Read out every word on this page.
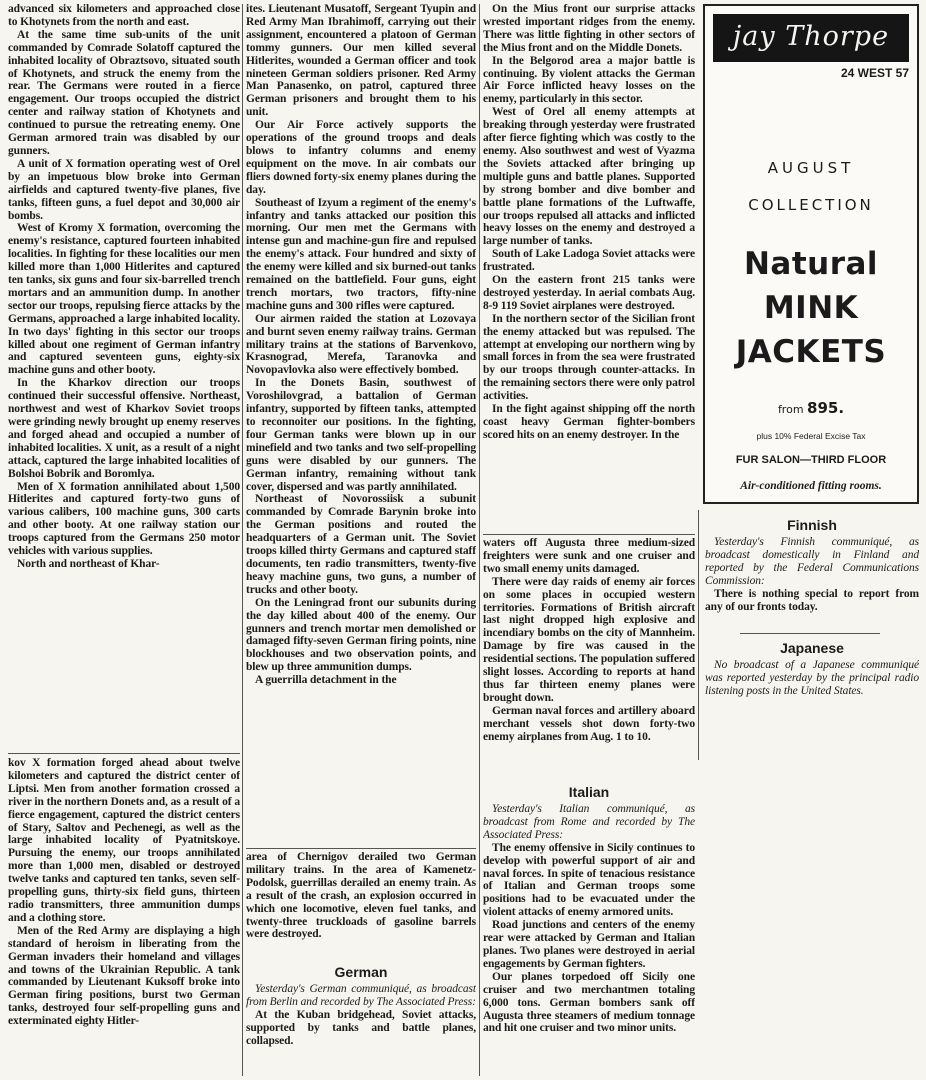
advanced six kilometers and approached close to Khotynets from the north and east.

At the same time sub-units of the unit commanded by Comrade Solatoff captured the inhabited locality of Obraztsovo, situated south of Khotynets, and struck the enemy from the rear. The Germans were routed in a fierce engagement. Our troops occupied the district center and railway station of Khotynets and continued to pursue the retreating enemy. One German armored train was disabled by our gunners.

A unit of X formation operating west of Orel by an impetuous blow broke into German airfields and captured twenty-five planes, five tanks, fifteen guns, a fuel depot and 30,000 air bombs.

West of Kromy X formation, overcoming the enemy's resistance, captured fourteen inhabited localities. In fighting for these localities our men killed more than 1,000 Hitlerites and captured ten tanks, six guns and four six-barrelled trench mortars and an ammunition dump. In another sector our troops, repulsing fierce attacks by the Germans, approached a large inhabited locality. In two days' fighting in this sector our troops killed about one regiment of German infantry and captured seventeen guns, eighty-six machine guns and other booty.

In the Kharkov direction our troops continued their successful offensive. Northeast, northwest and west of Kharkov Soviet troops were grinding newly brought up enemy reserves and forged ahead and occupied a number of inhabited localities. X unit, as a result of a night attack, captured the large inhabited localities of Bolshoi Bobrik and Boromlya.

Men of X formation annihilated about 1,500 Hitlerites and captured forty-two guns of various calibers, 100 machine guns, 300 carts and other booty. At one railway station our troops captured from the Germans 250 motor vehicles with various supplies.

North and northeast of Khar-

kov X formation forged ahead about twelve kilometers and captured the district center of Liptsi. Men from another formation crossed a river in the northern Donets and, as a result of a fierce engagement, captured the district centers of Stary, Saltov and Pechenegi, as well as the large inhabited locality of Pyatnitskoye. Pursuing the enemy, our troops annihilated more than 1,000 men, disabled or destroyed twelve tanks and captured ten tanks, seven self-propelling guns, thirty-six field guns, thirteen radio transmitters, three ammunition dumps and a clothing store.

Men of the Red Army are displaying a high standard of heroism in liberating from the German invaders their homeland and villages and towns of the Ukrainian Republic. A tank commanded by Lieutenant Kuksoff broke into German firing positions, burst two German tanks, destroyed four self-propelling guns and exterminated eighty Hitler-

ites. Lieutenant Musatoff, Sergeant Tyupin and Red Army Man Ibrahimoff, carrying out their assignment, encountered a platoon of German tommy gunners. Our men killed several Hitlerites, wounded a German officer and took nineteen German soldiers prisoner. Red Army Man Panasenko, on patrol, captured three German prisoners and brought them to his unit.

Our Air Force actively supports the operations of the ground troops and deals blows to infantry columns and enemy equipment on the move. In air combats our fliers downed forty-six enemy planes during the day.

Southeast of Izyum a regiment of the enemy's infantry and tanks attacked our position this morning. Our men met the Germans with intense gun and machine-gun fire and repulsed the enemy's attack. Four hundred and sixty of the enemy were killed and six burned-out tanks remained on the battlefield. Four guns, eight trench mortars, two tractors, fifty-nine machine guns and 300 rifles were captured.

Our airmen raided the station at Lozovaya and burnt seven enemy railway trains. German military trains at the stations of Barvenkovo, Krasnograd, Merefa, Taranovka and Novopavlovka also were effectively bombed.

In the Donets Basin, southwest of Voroshilovgrad, a battalion of German infantry, supported by fifteen tanks, attempted to reconnoiter our positions. In the fighting, four German tanks were blown up in our minefield and two tanks and two self-propelling guns were disabled by our gunners. The German infantry, remaining without tank cover, dispersed and was partly annihilated.

Northeast of Novorossiisk a subunit commanded by Comrade Barynin broke into the German positions and routed the headquarters of a German unit. The Soviet troops killed thirty Germans and captured staff documents, ten radio transmitters, twenty-five heavy machine guns, two guns, a number of trucks and other booty.

On the Leningrad front our subunits during the day killed about 400 of the enemy. Our gunners and trench mortar men demolished or damaged fifty-seven German firing points, nine blockhouses and two observation points, and blew up three ammunition dumps.

A guerrilla detachment in the

area of Chernigov derailed two German military trains. In the area of Kamenetz-Podolsk, guerrillas derailed an enemy train. As a result of the crash, an explosion occurred in which one locomotive, eleven fuel tanks, and twenty-three truckloads of gasoline barrels were destroyed.

German

Yesterday's German communiqué, as broadcast from Berlin and recorded by The Associated Press:

At the Kuban bridgehead, Soviet attacks, supported by tanks and battle planes, collapsed.

On the Mius front our surprise attacks wrested important ridges from the enemy. There was little fighting in other sectors of the Mius front and on the Middle Donets.

In the Belgorod area a major battle is continuing. By violent attacks the German Air Force inflicted heavy losses on the enemy, particularly in this sector.

West of Orel all enemy attempts at breaking through yesterday were frustrated after fierce fighting which was costly to the enemy. Also southwest and west of Vyazma the Soviets attacked after bringing up multiple guns and battle planes. Supported by strong bomber and dive bomber and battle plane formations of the Luftwaffe, our troops repulsed all attacks and inflicted heavy losses on the enemy and destroyed a large number of tanks.

South of Lake Ladoga Soviet attacks were frustrated.

On the eastern front 215 tanks were destroyed yesterday. In aerial combats Aug. 8-9 119 Soviet airplanes were destroyed.

In the northern sector of the Sicilian front the enemy attacked but was repulsed. The attempt at enveloping our northern wing by small forces in from the sea were frustrated by our troops through counter-attacks. In the remaining sectors there were only patrol activities.

In the fight against shipping off the north coast heavy German fighter-bombers scored hits on an enemy destroyer. In the

waters off Augusta three medium-sized freighters were sunk and one cruiser and two small enemy units damaged.

There were day raids of enemy air forces on some places in occupied western territories. Formations of British aircraft last night dropped high explosive and incendiary bombs on the city of Mannheim. Damage by fire was caused in the residential sections. The population suffered slight losses. According to reports at hand thus far thirteen enemy planes were brought down.

German naval forces and artillery aboard merchant vessels shot down forty-two enemy airplanes from Aug. 1 to 10.

Italian

Yesterday's Italian communiqué, as broadcast from Rome and recorded by The Associated Press:

The enemy offensive in Sicily continues to develop with powerful support of air and naval forces. In spite of tenacious resistance of Italian and German troops some positions had to be evacuated under the violent attacks of enemy armored units.

Road junctions and centers of the enemy rear were attacked by German and Italian planes. Two planes were destroyed in aerial engagements by German fighters.

Our planes torpedoed off Sicily one cruiser and two merchantmen totaling 6,000 tons. German bombers sank off Augusta three steamers of medium tonnage and hit one cruiser and two minor units.

jay Thorpe
24 WEST 57
AUGUST
COLLECTION
Natural
MINK
JACKETS
from 895.
plus 10% Federal Excise Tax
FUR SALON—THIRD FLOOR
Air-conditioned fitting rooms.
Finnish

Yesterday's Finnish communiqué, as broadcast domestically in Finland and reported by the Federal Communications Commission:

There is nothing special to report from any of our fronts today.

Japanese

No broadcast of a Japanese communiqué was reported yesterday by the principal radio listening posts in the United States.
